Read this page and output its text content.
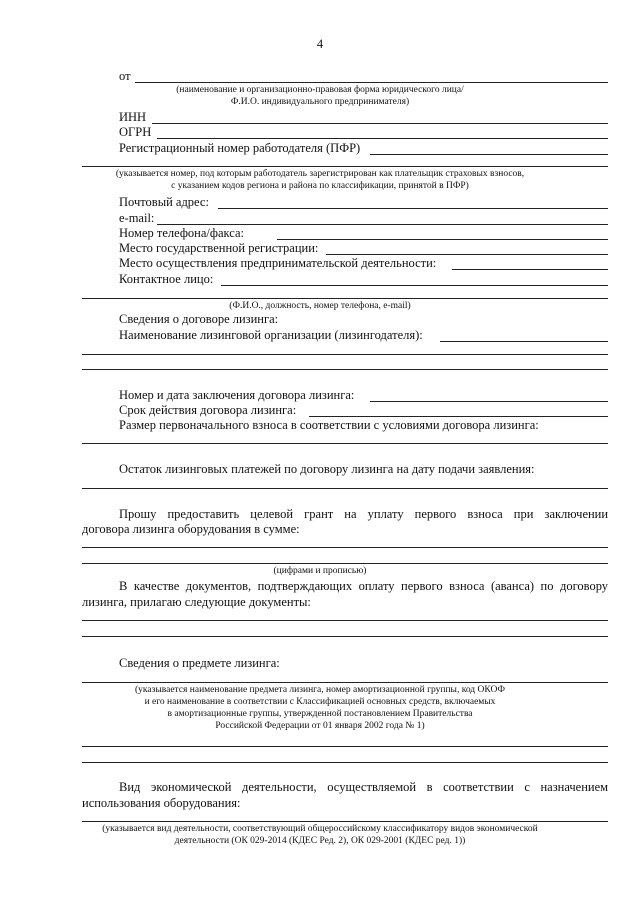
4
от
(наименование и организационно-правовая форма юридического лица/
Ф.И.О. индивидуального предпринимателя)
ИНН
ОГРН
Регистрационный номер работодателя (ПФР)
(указывается номер, под которым работодатель зарегистрирован как плательщик страховых взносов,
с указанием кодов региона и района по классификации, принятой в ПФР)
Почтовый адрес:
e-mail:
Номер телефона/факса:
Место государственной регистрации:
Место осуществления предпринимательской деятельности:
Контактное лицо:
(Ф.И.О., должность, номер телефона, e-mail)
Сведения о договоре лизинга:
Наименование лизинговой организации (лизингодателя):
Номер и дата заключения договора лизинга:
Срок действия договора лизинга:
Размер первоначального взноса в соответствии с условиями договора лизинга:
Остаток лизинговых платежей по договору лизинга на дату подачи заявления:
Прошу предоставить целевой грант на уплату первого взноса при заключении
договора лизинга оборудования в сумме:
(цифрами и прописью)
В качестве документов, подтверждающих оплату первого взноса (аванса) по договору
лизинга, прилагаю следующие документы:
Сведения о предмете лизинга:
(указывается наименование предмета лизинга, номер амортизационной группы, код ОКОФ
и его наименование в соответствии с Классификацией основных средств, включаемых
в амортизационные группы, утвержденной постановлением Правительства
Российской Федерации от 01 января 2002 года № 1)
Вид экономической деятельности, осуществляемой в соответствии с назначением
использования оборудования:
(указывается вид деятельности, соответствующий общероссийскому классификатору видов экономической
деятельности (ОК 029-2014 (КДЕС Ред. 2), ОК 029-2001 (КДЕС ред. 1))
